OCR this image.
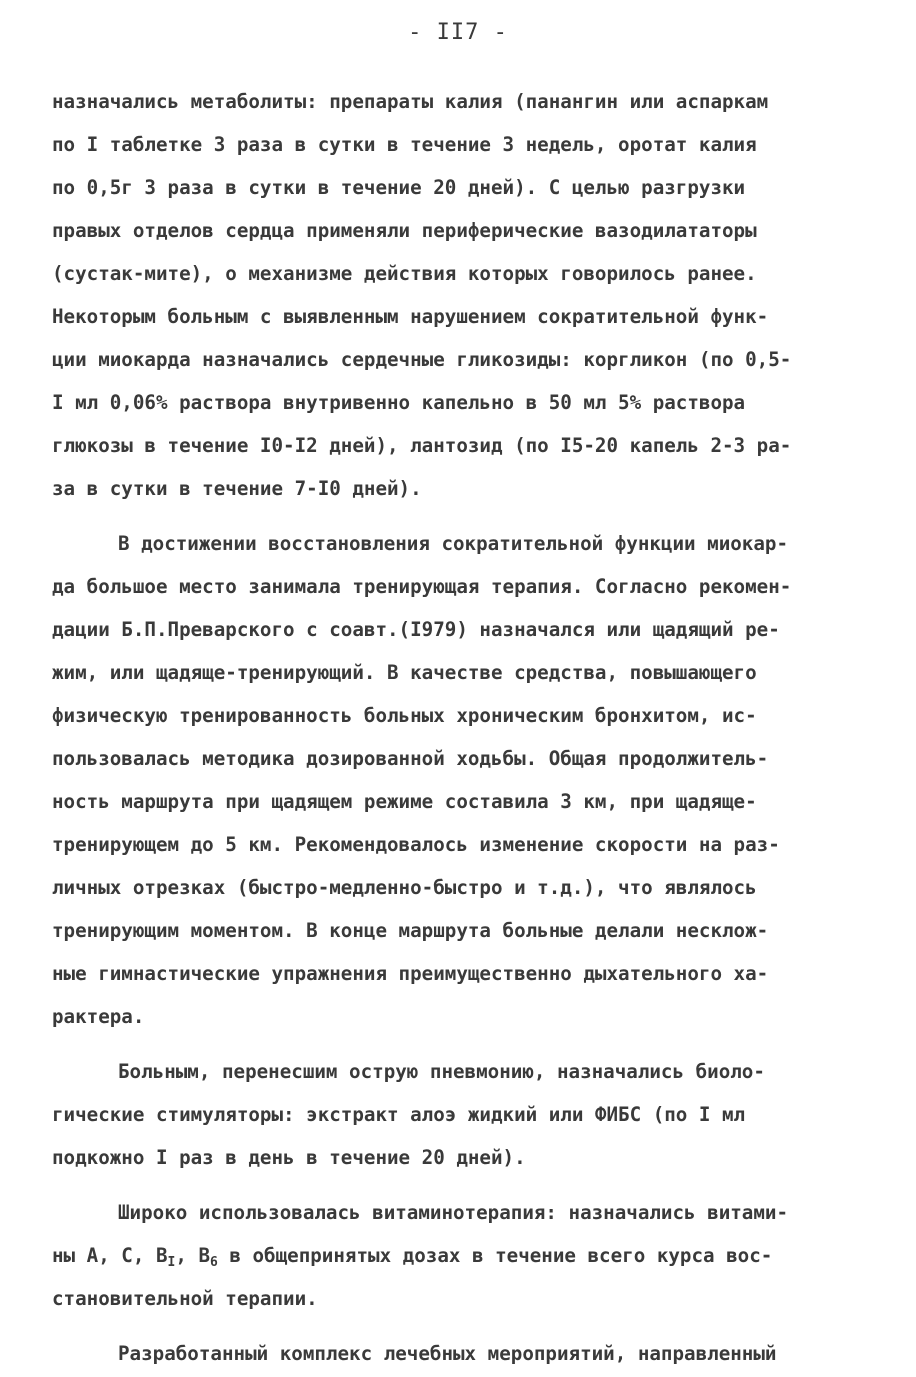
- II7 -
назначались метаболиты: препараты калия (панангин или аспаркам
по I таблетке 3 раза в сутки в течение 3 недель, оротат калия
по 0,5г 3 раза в сутки в течение 20 дней). С целью разгрузки
правых отделов сердца применяли периферические вазодилататоры
(сустак-мите), о механизме действия которых говорилось ранее.
Некоторым больным с выявленным нарушением сократительной функ-
ции миокарда назначались сердечные гликозиды: коргликон (по 0,5-
I мл 0,06% раствора внутривенно капельно в 50 мл 5% раствора
глюкозы в течение I0-I2 дней), лантозид (по I5-20 капель 2-3 ра-
за в сутки в течение 7-I0 дней).
В достижении восстановления сократительной функции миокар-
да большое место занимала тренирующая терапия. Согласно рекомен-
дации Б.П.Преварского с соавт.(I979) назначался или щадящий ре-
жим, или щадяще-тренирующий. В качестве средства, повышающего
физическую тренированность больных хроническим бронхитом, ис-
пользовалась методика дозированной ходьбы. Общая продолжитель-
ность маршрута при щадящем режиме составила 3 км, при щадяще-
тренирующем до 5 км. Рекомендовалось изменение скорости на раз-
личных отрезках (быстро-медленно-быстро и т.д.), что являлось
тренирующим моментом. В конце маршрута больные делали несклож-
ные гимнастические упражнения преимущественно дыхательного ха-
рактера.
Больным, перенесшим острую пневмонию, назначались биоло-
гические стимуляторы: экстракт алоэ жидкий или ФИБС (по I мл
подкожно I раз в день в течение 20 дней).
Широко использовалась витаминотерапия: назначались витами-
ны А, С, $В_I$, $В_6$ в общепринятых дозах в течение всего курса вос-
становительной терапии.
Разработанный комплекс лечебных мероприятий, направленный
